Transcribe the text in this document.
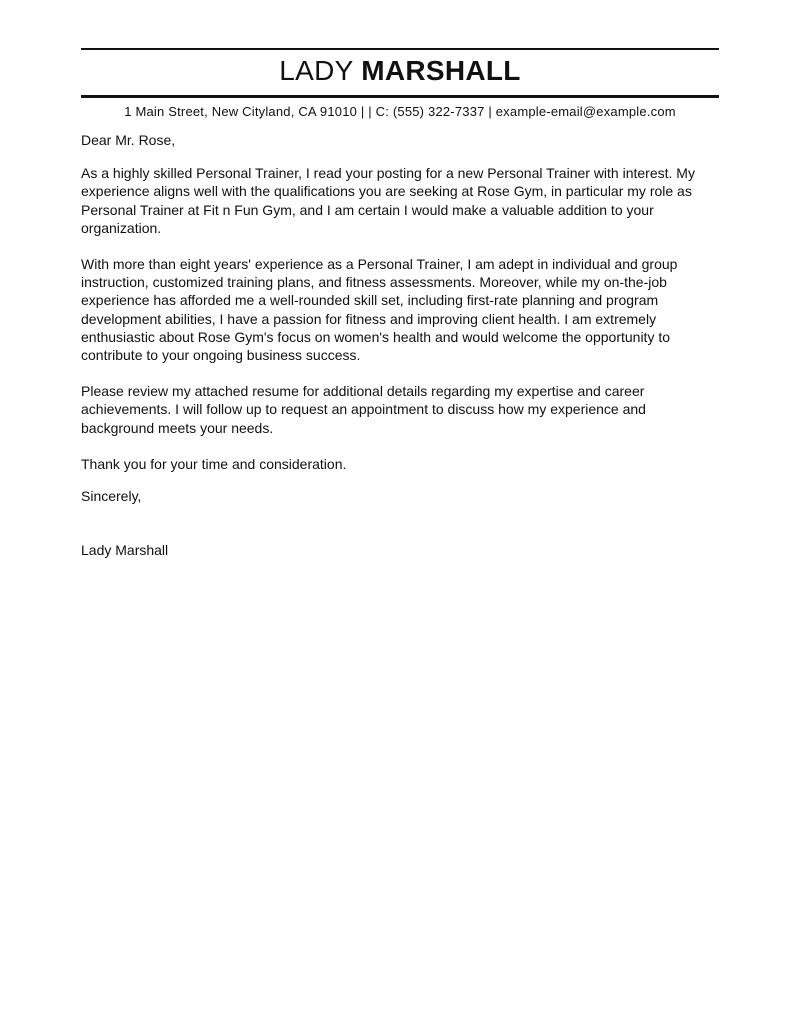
LADY MARSHALL
1 Main Street, New Cityland, CA 91010 | | C: (555) 322-7337 | example-email@example.com

Dear Mr. Rose,

As a highly skilled Personal Trainer, I read your posting for a new Personal Trainer with interest. My experience aligns well with the qualifications you are seeking at Rose Gym, in particular my role as Personal Trainer at Fit n Fun Gym, and I am certain I would make a valuable addition to your organization.

With more than eight years' experience as a Personal Trainer, I am adept in individual and group instruction, customized training plans, and fitness assessments. Moreover, while my on-the-job experience has afforded me a well-rounded skill set, including first-rate planning and program development abilities, I have a passion for fitness and improving client health. I am extremely enthusiastic about Rose Gym's focus on women's health and would welcome the opportunity to contribute to your ongoing business success.

Please review my attached resume for additional details regarding my expertise and career achievements. I will follow up to request an appointment to discuss how my experience and background meets your needs.

Thank you for your time and consideration.

Sincerely,

Lady Marshall
